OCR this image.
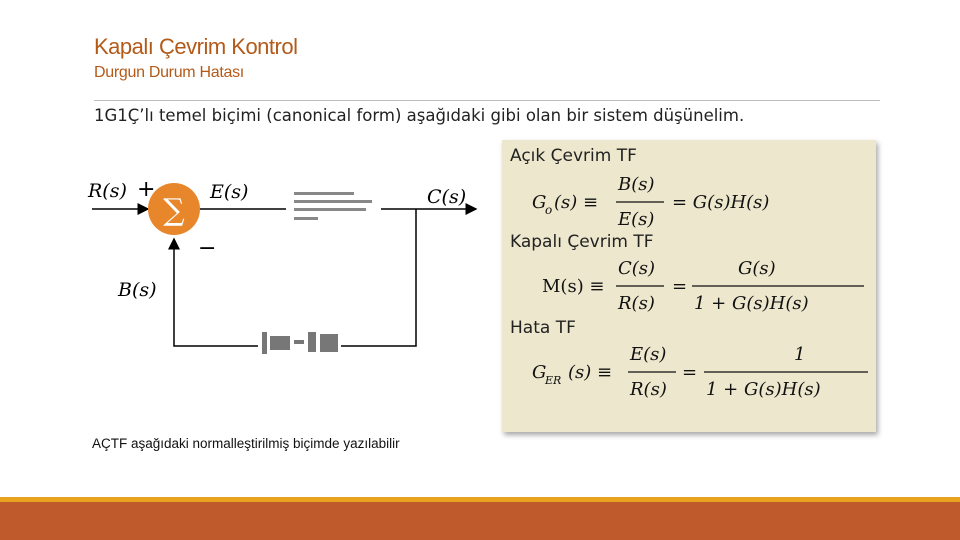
Kapalı Çevrim Kontrol
Durgun Durum Hatası
1G1Ç’lı temel biçimi (canonical form) aşağıdaki gibi olan bir sistem düşünelim.
∑
+
−
R(s)	E(s)	C(s)
B(s)
AÇTF aşağıdaki normalleştirilmiş biçimde yazılabilir
Açık Çevrim TF
G
o (s) ≡
B(s)
E(s)
= G(s)H(s)
Kapalı Çevrim TF
M(s) ≡
C(s)
R(s)
=
G(s)
1 + G(s)H(s)
Hata TF
G
ER (s) ≡
E(s)
R(s)
=
1
1 + G(s)H(s)
